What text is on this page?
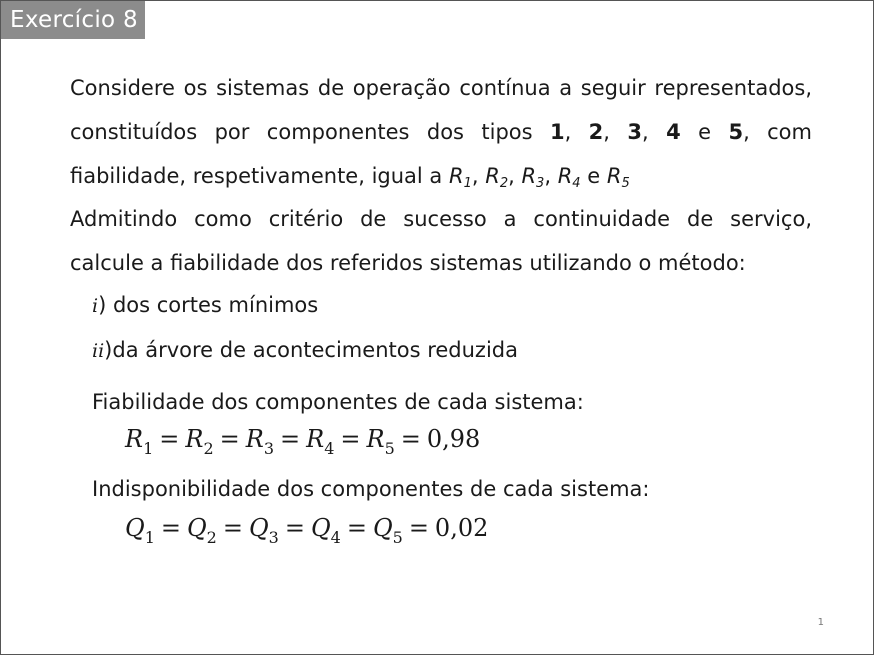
Exercício 8
Considere os sistemas de operação contínua a seguir representados,
constituídos por componentes dos tipos 1, 2, 3, 4 e 5, com
fiabilidade, respetivamente, igual a $R_1$, $R_2$, $R_3$, $R_4$ e $R_5$
Admitindo como critério de sucesso a continuidade de serviço,
calcule a fiabilidade dos referidos sistemas utilizando o método:
i) dos cortes mínimos
ii)da árvore de acontecimentos reduzida
Fiabilidade dos componentes de cada sistema:
$R_1 = R_2 = R_3 = R_4 = R_5 = 0,98$
Indisponibilidade dos componentes de cada sistema:
$Q_1 = Q_2 = Q_3 = Q_4 = Q_5 = 0,02$
1
